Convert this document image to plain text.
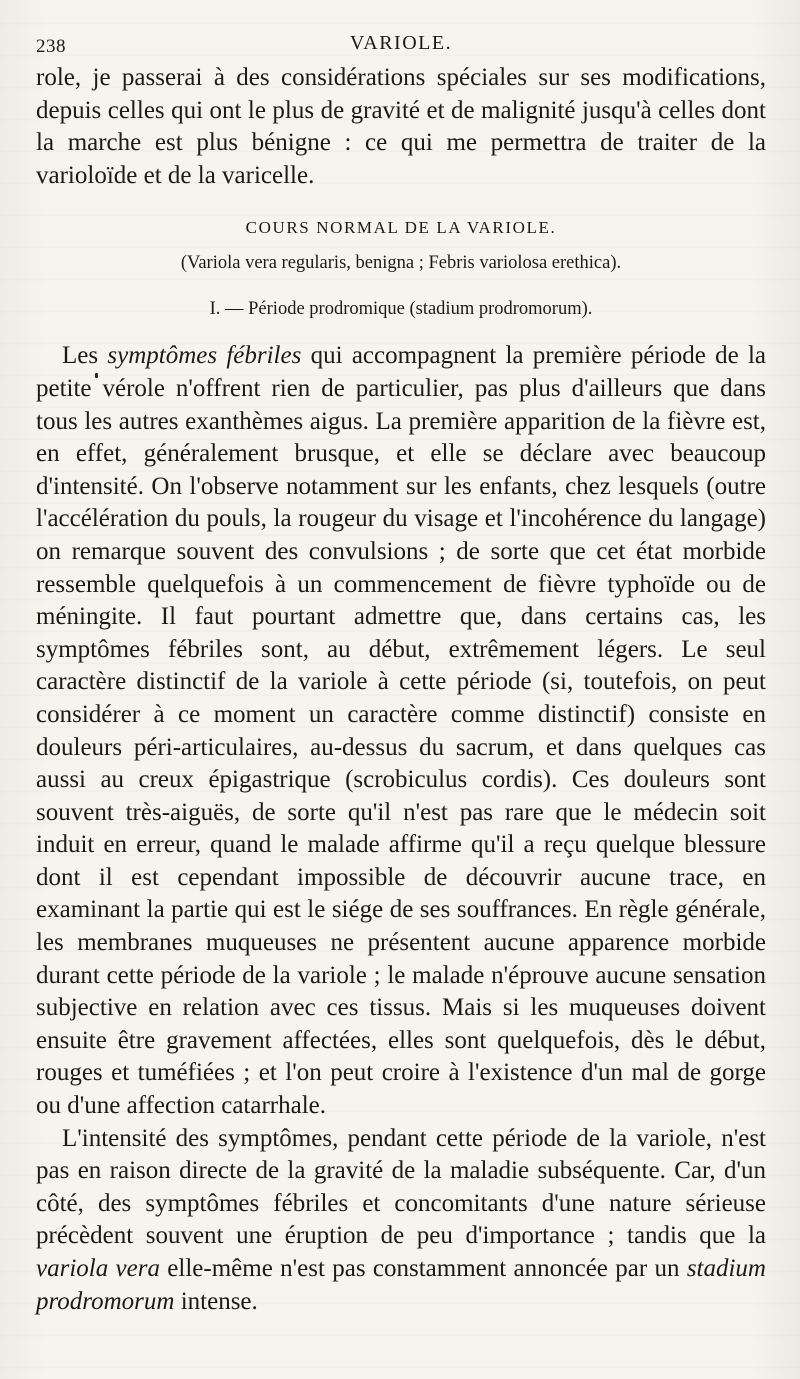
238	VARIOLE.

role, je passerai à des considérations spéciales sur ses modifications, depuis celles qui ont le plus de gravité et de malignité jusqu'à celles dont la marche est plus bénigne : ce qui me permettra de traiter de la varioloïde et de la varicelle.

COURS NORMAL DE LA VARIOLE.
(Variola vera regularis, benigna ; Febris variolosa erethica).
I. — Période prodromique (stadium prodromorum).

Les symptômes fébriles qui accompagnent la première période de la petite vérole n'offrent rien de particulier, pas plus d'ailleurs que dans tous les autres exanthèmes aigus. La première apparition de la fièvre est, en effet, généralement brusque, et elle se déclare avec beaucoup d'intensité. On l'observe notamment sur les enfants, chez lesquels (outre l'accélération du pouls, la rougeur du visage et l'incohérence du langage) on remarque souvent des convulsions ; de sorte que cet état morbide ressemble quelquefois à un commencement de fièvre typhoïde ou de méningite. Il faut pourtant admettre que, dans certains cas, les symptômes fébriles sont, au début, extrêmement légers. Le seul caractère distinctif de la variole à cette période (si, toutefois, on peut considérer à ce moment un caractère comme distinctif) consiste en douleurs péri-articulaires, au-dessus du sacrum, et dans quelques cas aussi au creux épigastrique (scrobiculus cordis). Ces douleurs sont souvent très-aiguës, de sorte qu'il n'est pas rare que le médecin soit induit en erreur, quand le malade affirme qu'il a reçu quelque blessure dont il est cependant impossible de découvrir aucune trace, en examinant la partie qui est le siége de ses souffrances. En règle générale, les membranes muqueuses ne présentent aucune apparence morbide durant cette période de la variole ; le malade n'éprouve aucune sensation subjective en relation avec ces tissus. Mais si les muqueuses doivent ensuite être gravement affectées, elles sont quelquefois, dès le début, rouges et tuméfiées ; et l'on peut croire à l'existence d'un mal de gorge ou d'une affection catarrhale.

L'intensité des symptômes, pendant cette période de la variole, n'est pas en raison directe de la gravité de la maladie subséquente. Car, d'un côté, des symptômes fébriles et concomitants d'une nature sérieuse précèdent souvent une éruption de peu d'importance ; tandis que la variola vera elle-même n'est pas constamment annoncée par un stadium prodromorum intense.
